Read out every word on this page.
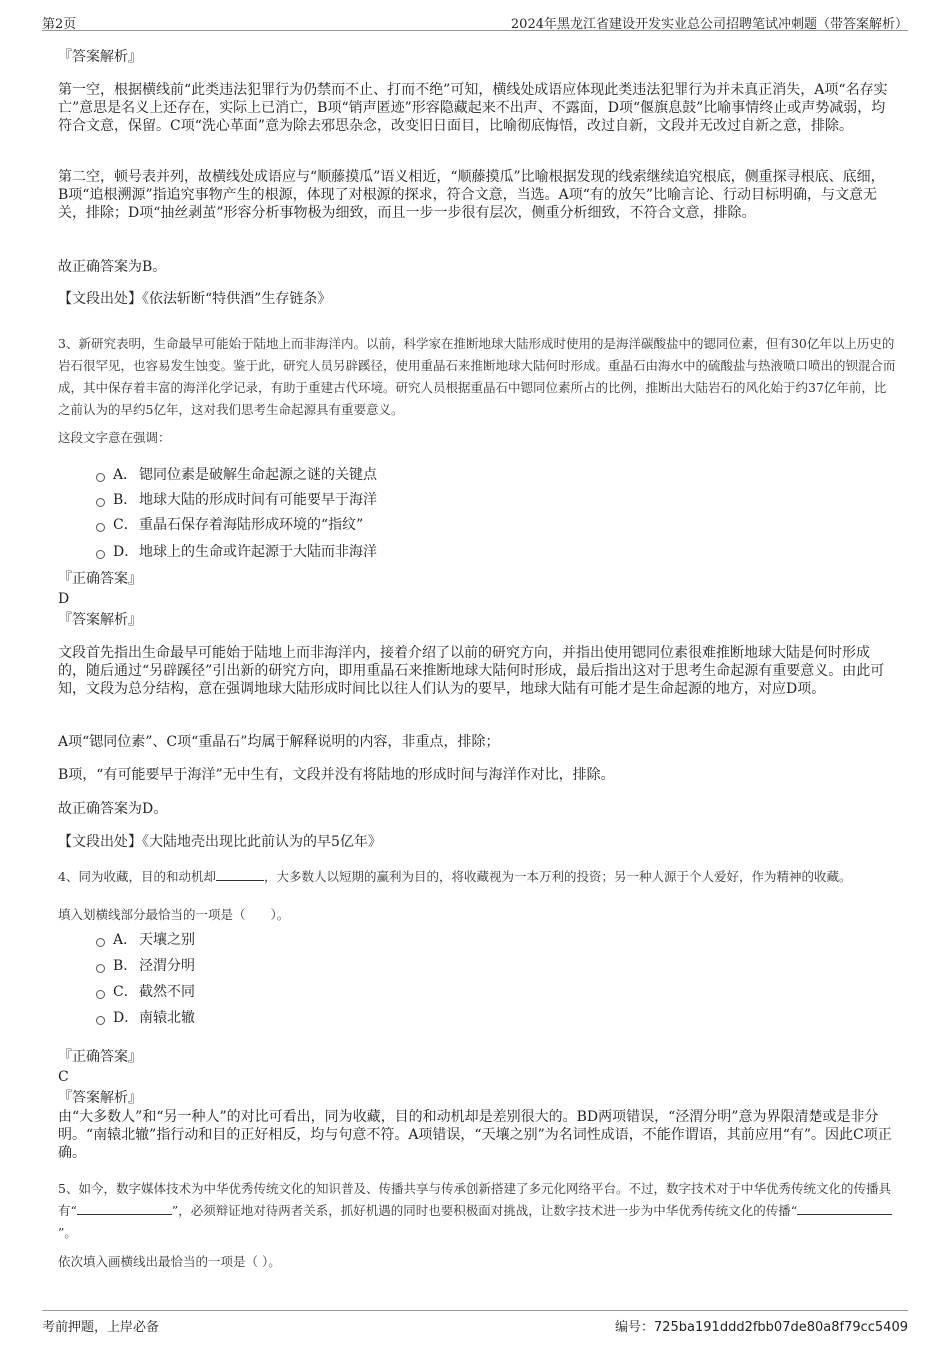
第2页	2024年黑龙江省建设开发实业总公司招聘笔试冲刺题（带答案解析）
『答案解析』

第一空，根据横线前“此类违法犯罪行为仍禁而不止、打而不绝”可知，横线处成语应体现此类违法犯罪行为并未真正消失，A项“名存实亡”意思是名义上还存在，实际上已消亡，B项“销声匿迹”形容隐藏起来不出声、不露面，D项“偃旗息鼓”比喻事情终止或声势减弱，均符合文意，保留。C项“洗心革面”意为除去邪思杂念，改变旧日面目，比喻彻底悔悟，改过自新，文段并无改过自新之意，排除。

第二空，顿号表并列，故横线处成语应与“顺藤摸瓜”语义相近，“顺藤摸瓜”比喻根据发现的线索继续追究根底，侧重探寻根底、底细，B项“追根溯源”指追究事物产生的根源，体现了对根源的探求，符合文意，当选。A项“有的放矢”比喻言论、行动目标明确，与文意无关，排除；D项“抽丝剥茧”形容分析事物极为细致，而且一步一步很有层次，侧重分析细致，不符合文意，排除。

故正确答案为B。
【文段出处】《依法斩断“特供酒”生存链条》
3、新研究表明，生命最早可能始于陆地上而非海洋内。以前，科学家在推断地球大陆形成时使用的是海洋碳酸盐中的锶同位素，但有30亿年以上历史的岩石很罕见，也容易发生蚀变。鉴于此，研究人员另辟蹊径，使用重晶石来推断地球大陆何时形成。重晶石由海水中的硫酸盐与热液喷口喷出的钡混合而成，其中保存着丰富的海洋化学记录，有助于重建古代环境。研究人员根据重晶石中锶同位素所占的比例，推断出大陆岩石的风化始于约37亿年前，比之前认为的早约5亿年，这对我们思考生命起源具有重要意义。
这段文字意在强调：
A． 锶同位素是破解生命起源之谜的关键点
B． 地球大陆的形成时间有可能要早于海洋
C． 重晶石保存着海陆形成环境的“指纹”
D． 地球上的生命或许起源于大陆而非海洋
『正确答案』
D
『答案解析』

文段首先指出生命最早可能始于陆地上而非海洋内，接着介绍了以前的研究方向，并指出使用锶同位素很难推断地球大陆是何时形成的，随后通过“另辟蹊径”引出新的研究方向，即用重晶石来推断地球大陆何时形成，最后指出这对于思考生命起源有重要意义。由此可知，文段为总分结构，意在强调地球大陆形成时间比以往人们认为的要早，地球大陆有可能才是生命起源的地方，对应D项。

A项“锶同位素”、C项“重晶石”均属于解释说明的内容，非重点，排除；
B项，“有可能要早于海洋”无中生有，文段并没有将陆地的形成时间与海洋作对比，排除。
故正确答案为D。
【文段出处】《大陆地壳出现比此前认为的早5亿年》
4、同为收藏，目的和动机却	，大多数人以短期的赢利为目的，将收藏视为一本万利的投资；另一种人源于个人爱好，作为精神的收藏。
填入划横线部分最恰当的一项是（　　）。
A． 天壤之别
B． 泾渭分明
C． 截然不同
D． 南辕北辙
『正确答案』
C
『答案解析』

由“大多数人”和“另一种人”的对比可看出，同为收藏，目的和动机却是差别很大的。BD两项错误，“泾渭分明”意为界限清楚或是非分明。“南辕北辙”指行动和目的正好相反，均与句意不符。A项错误，“天壤之别”为名词性成语，不能作谓语，其前应用“有”。因此C项正确。

5、如今，数字媒体技术为中华优秀传统文化的知识普及、传播共享与传承创新搭建了多元化网络平台。不过，数字技术对于中华优秀传统文化的传播具有“	”，必须辩证地对待两者关系，抓好机遇的同时也要积极面对挑战，让数字技术进一步为中华优秀传统文化的传播“”。
依次填入画横线出最恰当的一项是（ ）。
考前押题，上岸必备	编号：725ba191ddd2fbb07de80a8f79cc5409
